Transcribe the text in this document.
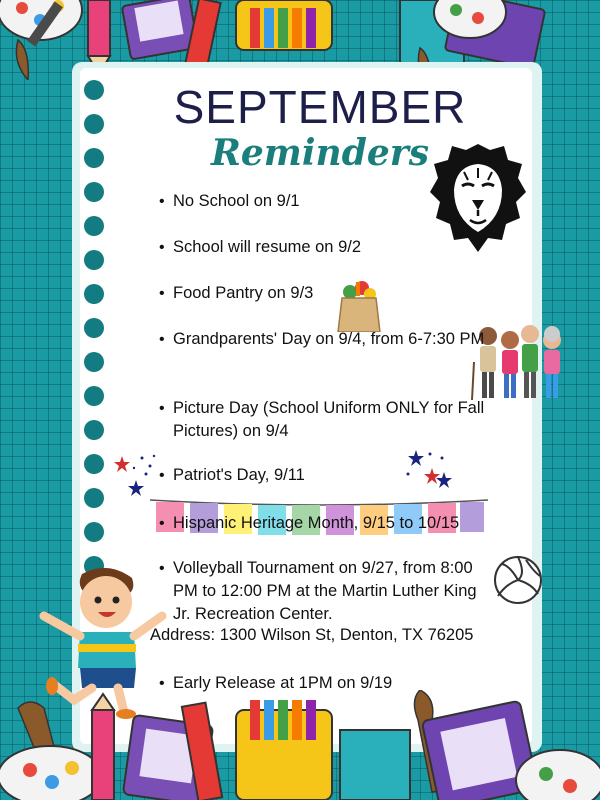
SEPTEMBER
Reminders
• No School on 9/1
• School will resume on 9/2
• Food Pantry on 9/3
• Grandparents' Day on 9/4, from 6-7:30 PM
• Picture Day (School Uniform ONLY for Fall Pictures) on 9/4
• Patriot's Day, 9/11
• Hispanic Heritage Month, 9/15 to 10/15
• Volleyball Tournament on 9/27, from 8:00 PM to 12:00 PM at the Martin Luther King Jr. Recreation Center.
• Early Release at 1PM on 9/19
Address: 1300 Wilson St, Denton, TX 76205
